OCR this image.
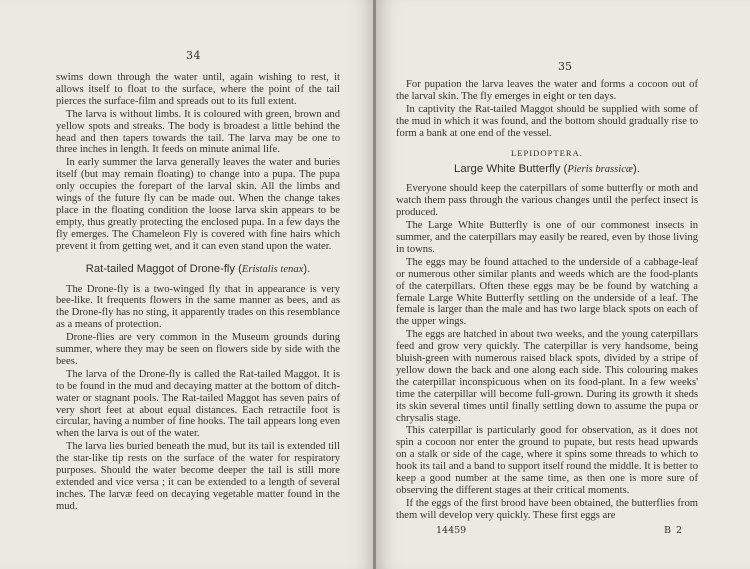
34

swims down through the water until, again wishing to rest, it allows itself to float to the surface, where the point of the tail pierces the surface-film and spreads out to its full extent.

The larva is without limbs. It is coloured with green, brown and yellow spots and streaks. The body is broadest a little behind the head and then tapers towards the tail. The larva may be one to three inches in length. It feeds on minute animal life.

In early summer the larva generally leaves the water and buries itself (but may remain floating) to change into a pupa. The pupa only occupies the forepart of the larval skin. All the limbs and wings of the future fly can be made out. When the change takes place in the floating condition the loose larva skin appears to be empty, thus greatly protecting the enclosed pupa. In a few days the fly emerges. The Chameleon Fly is covered with fine hairs which prevent it from getting wet, and it can even stand upon the water.

Rat-tailed Maggot of Drone-fly (Eristalis tenax).

The Drone-fly is a two-winged fly that in appearance is very bee-like. It frequents flowers in the same manner as bees, and as the Drone-fly has no sting, it apparently trades on this resemblance as a means of protection.

Drone-flies are very common in the Museum grounds during summer, where they may be seen on flowers side by side with the bees.

The larva of the Drone-fly is called the Rat-tailed Maggot. It is to be found in the mud and decaying matter at the bottom of ditch-water or stagnant pools. The Rat-tailed Maggot has seven pairs of very short feet at about equal distances. Each retractile foot is circular, having a number of fine hooks. The tail appears long even when the larva is out of the water.

The larva lies buried beneath the mud, but its tail is extended till the star-like tip rests on the surface of the water for respiratory purposes. Should the water become deeper the tail is still more extended and vice versa ; it can be extended to a length of several inches. The larvæ feed on decaying vegetable matter found in the mud.

35

For pupation the larva leaves the water and forms a cocoon out of the larval skin. The fly emerges in eight or ten days.

In captivity the Rat-tailed Maggot should be supplied with some of the mud in which it was found, and the bottom should gradually rise to form a bank at one end of the vessel.

LEPIDOPTERA.
Large White Butterfly (Pieris brassicæ).

Everyone should keep the caterpillars of some butterfly or moth and watch them pass through the various changes until the perfect insect is produced.

The Large White Butterfly is one of our commonest insects in summer, and the caterpillars may easily be reared, even by those living in towns.

The eggs may be found attached to the underside of a cabbage-leaf or numerous other similar plants and weeds which are the food-plants of the caterpillars. Often these eggs may be be found by watching a female Large White Butterfly settling on the underside of a leaf. The female is larger than the male and has two large black spots on each of the upper wings.

The eggs are hatched in about two weeks, and the young caterpillars feed and grow very quickly. The caterpillar is very handsome, being bluish-green with numerous raised black spots, divided by a stripe of yellow down the back and one along each side. This colouring makes the caterpillar inconspicuous when on its food-plant. In a few weeks' time the caterpillar will become full-grown. During its growth it sheds its skin several times until finally settling down to assume the pupa or chrysalis stage.

This caterpillar is particularly good for observation, as it does not spin a cocoon nor enter the ground to pupate, but rests head upwards on a stalk or side of the cage, where it spins some threads to which to hook its tail and a band to support itself round the middle. It is better to keep a good number at the same time, as then one is more sure of observing the different stages at their critical moments.

If the eggs of the first brood have been obtained, the butterflies from them will develop very quickly. These first eggs are

14459	B 2
